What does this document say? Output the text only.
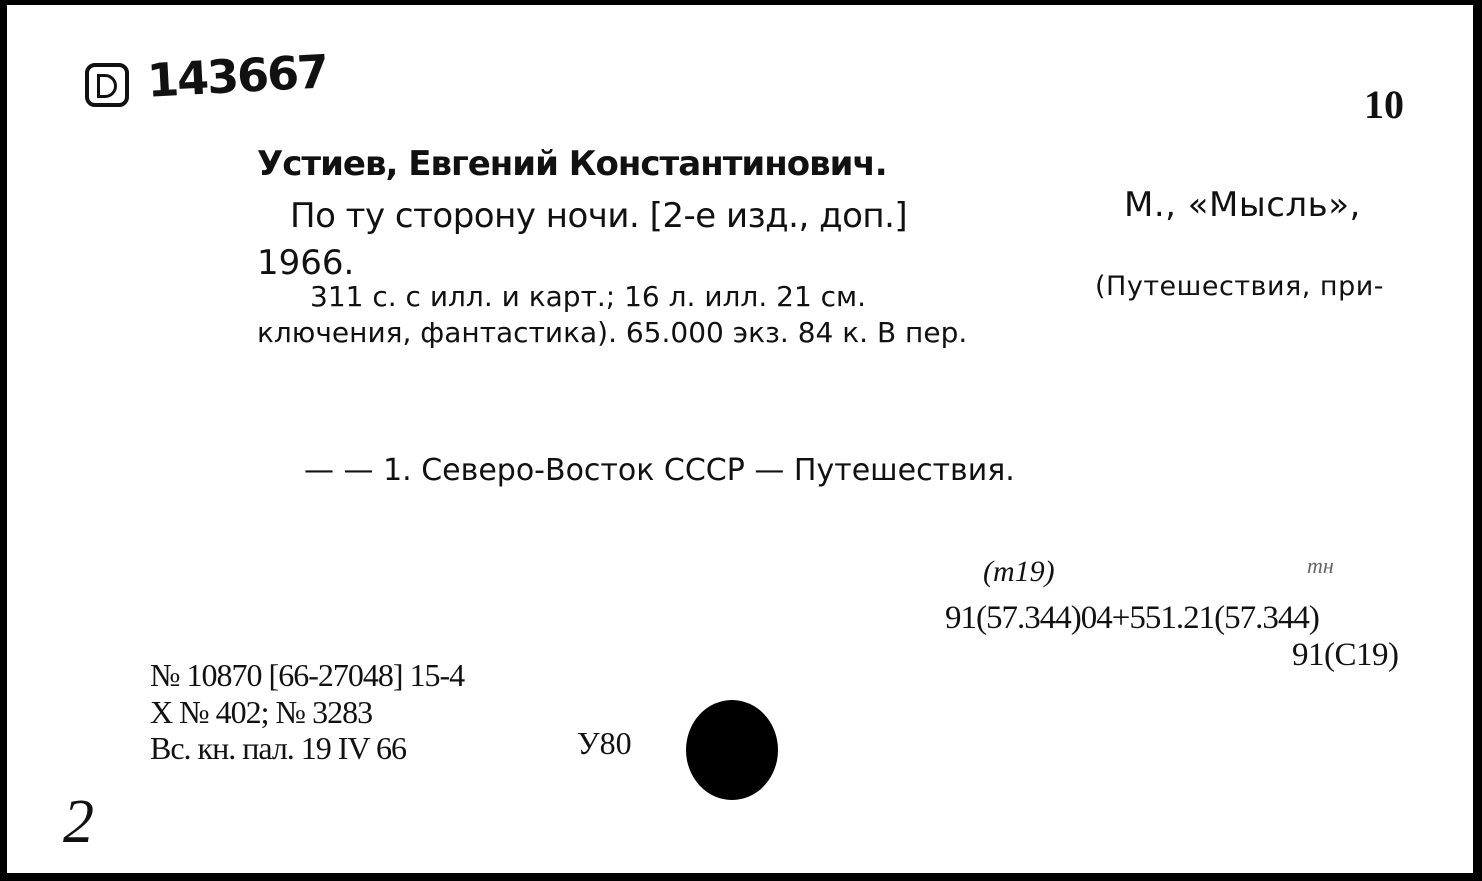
143667	10
Устиев, Евгений Константинович.
По ту сторону ночи. [2-е изд., доп.]	М., «Мысль»,
1966.
311 с. с илл. и карт.; 16 л. илл. 21 см.	(Путешествия, при-
ключения, фантастика). 65.000 экз. 84 к. В пер.
— — 1. Северо-Восток СССР — Путешествия.
(т19)	тн
91(57.344)04+551.21(57.344)
91(С19)
№ 10870 [66-27048] 15-4
Х № 402; № 3283
Вс. кн. пал. 19 IV 66	У80
2
